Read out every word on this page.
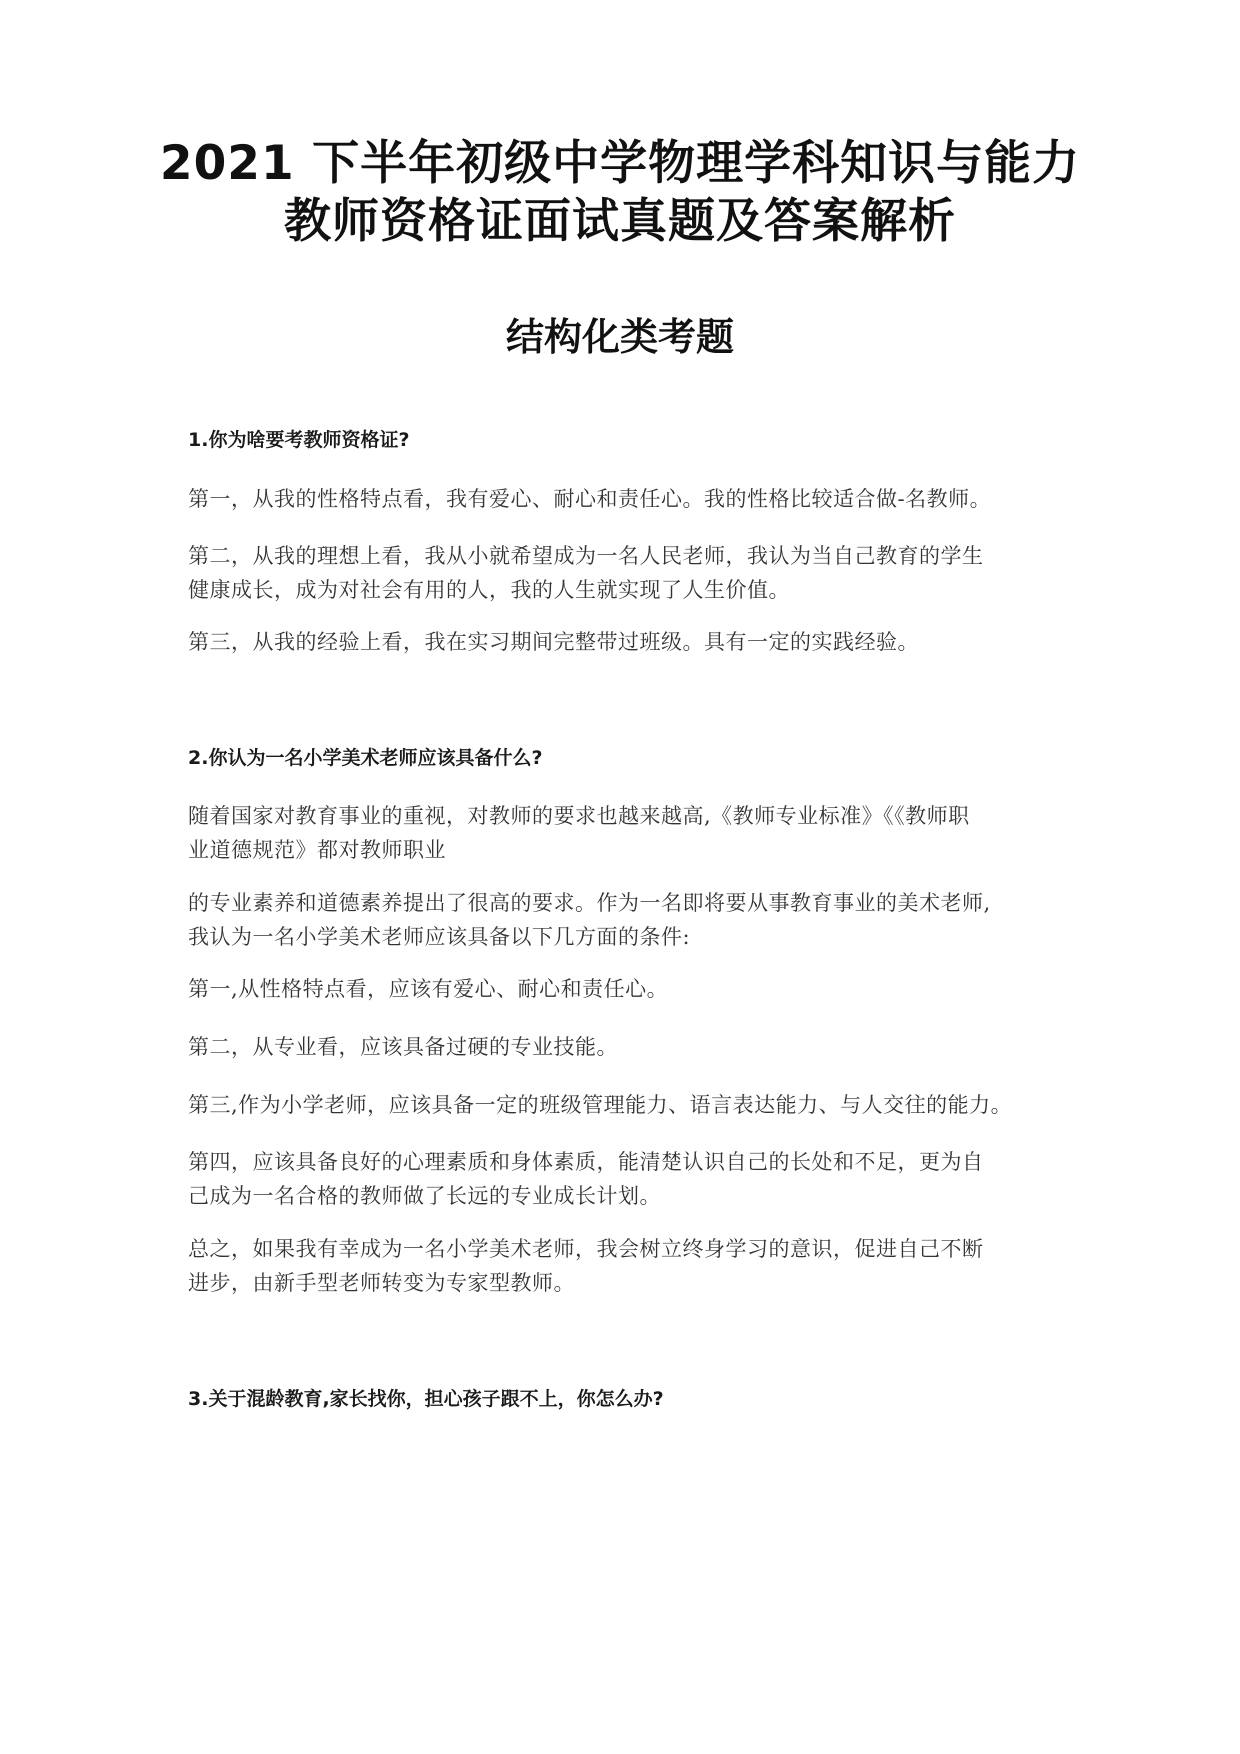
2021 下半年初级中学物理学科知识与能力
教师资格证面试真题及答案解析
结构化类考题
1.你为啥要考教师资格证?
第一，从我的性格特点看，我有爱心、耐心和责任心。我的性格比较适合做-名教师。
第二，从我的理想上看，我从小就希望成为一名人民老师，我认为当自己教育的学生
健康成长，成为对社会有用的人，我的人生就实现了人生价值。
第三，从我的经验上看，我在实习期间完整带过班级。具有一定的实践经验。
2.你认为一名小学美术老师应该具备什么?
随着国家对教育事业的重视，对教师的要求也越来越高,《教师专业标准》《《教师职
业道德规范》都对教师职业
的专业素养和道德素养提出了很高的要求。作为一名即将要从事教育事业的美术老师,
我认为一名小学美术老师应该具备以下几方面的条件:
第一,从性格特点看，应该有爱心、耐心和责任心。
第二，从专业看，应该具备过硬的专业技能。
第三,作为小学老师，应该具备一定的班级管理能力、语言表达能力、与人交往的能力。
第四，应该具备良好的心理素质和身体素质，能清楚认识自己的长处和不足，更为自
己成为一名合格的教师做了长远的专业成长计划。
总之，如果我有幸成为一名小学美术老师，我会树立终身学习的意识，促进自己不断
进步，由新手型老师转变为专家型教师。
3.关于混龄教育,家长找你，担心孩子跟不上，你怎么办?
